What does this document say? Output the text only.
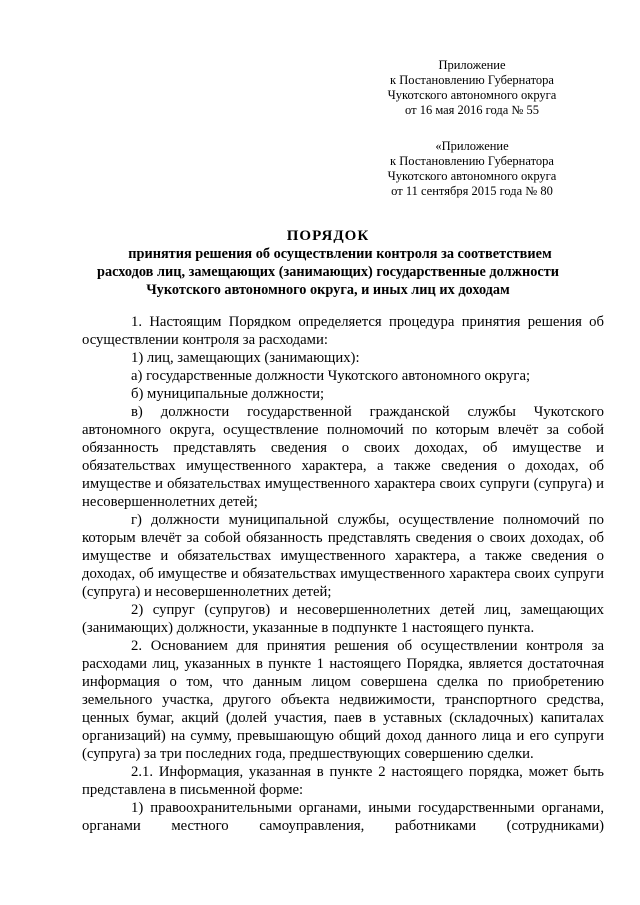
Приложение
к Постановлению Губернатора
Чукотского автономного округа
от 16 мая 2016 года № 55
«Приложение
к Постановлению Губернатора
Чукотского автономного округа
от 11 сентября 2015 года № 80
ПОРЯДОК
принятия решения об осуществлении контроля за соответствием
расходов лиц, замещающих (занимающих) государственные должности
Чукотского автономного округа, и иных лиц их доходам

1. Настоящим Порядком определяется процедура принятия решения об осуществлении контроля за расходами:

1) лиц, замещающих (занимающих):

а) государственные должности Чукотского автономного округа;

б) муниципальные должности;

в) должности государственной гражданской службы Чукотского автономного округа, осуществление полномочий по которым влечёт за собой обязанность представлять сведения о своих доходах, об имуществе и обязательствах имущественного характера, а также сведения о доходах, об имуществе и обязательствах имущественного характера своих супруги (супруга) и несовершеннолетних детей;

г) должности муниципальной службы, осуществление полномочий по которым влечёт за собой обязанность представлять сведения о своих доходах, об имуществе и обязательствах имущественного характера, а также сведения о доходах, об имуществе и обязательствах имущественного характера своих супруги (супруга) и несовершеннолетних детей;

2) супруг (супругов) и несовершеннолетних детей лиц, замещающих (занимающих) должности, указанные в подпункте 1 настоящего пункта.

2. Основанием для принятия решения об осуществлении контроля за расходами лиц, указанных в пункте 1 настоящего Порядка, является достаточная информация о том, что данным лицом совершена сделка по приобретению земельного участка, другого объекта недвижимости, транспортного средства, ценных бумаг, акций (долей участия, паев в уставных (складочных) капиталах организаций) на сумму, превышающую общий доход данного лица и его супруги (супруга) за три последних года, предшествующих совершению сделки.

2.1. Информация, указанная в пункте 2 настоящего порядка, может быть представлена в письменной форме:

1) правоохранительными органами, иными государственными органами, органами местного самоуправления, работниками (сотрудниками)
